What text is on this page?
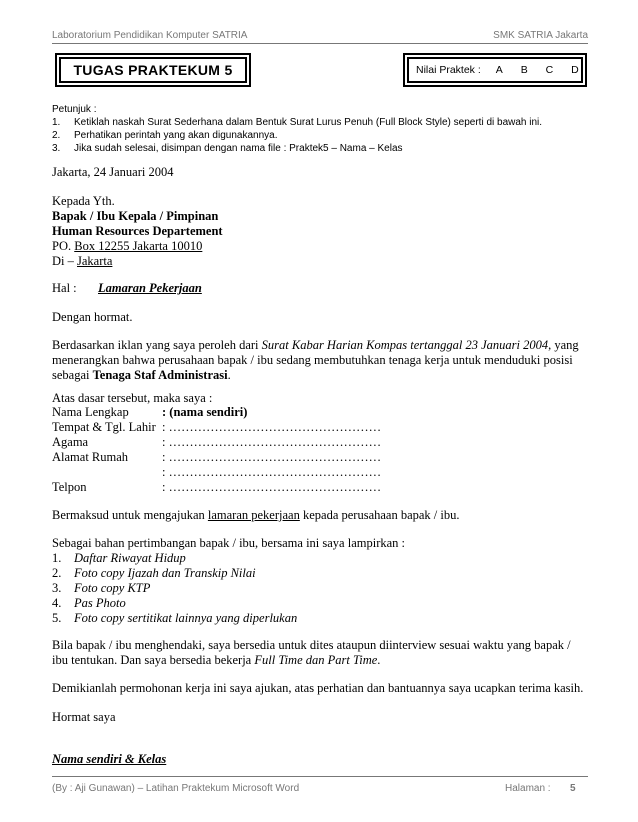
Laboratorium Pendidikan Komputer SATRIA	SMK SATRIA Jakarta
TUGAS PRAKTEKUM 5	Nilai Praktek :	A B C D
Petunjuk :
1. Ketiklah naskah Surat Sederhana dalam Bentuk Surat Lurus Penuh (Full Block Style) seperti di bawah ini.
2. Perhatikan perintah yang akan digunakannya.
3. Jika sudah selesai, disimpan dengan nama file : Praktek5 – Nama – Kelas
Jakarta, 24 Januari 2004
Kepada Yth.
Bapak / Ibu Kepala / Pimpinan
Human Resources Departement
PO. Box 12255 Jakarta 10010
Di – Jakarta
Hal : Lamaran Pekerjaan
Dengan hormat.
Berdasarkan iklan yang saya peroleh dari Surat Kabar Harian Kompas tertanggal 23 Januari 2004, yang
menerangkan bahwa perusahaan bapak / ibu sedang membutuhkan tenaga kerja untuk menduduki posisi
sebagai Tenaga Staf Administrasi.
Atas dasar tersebut, maka saya :
Nama Lengkap	: (nama sendiri)
Tempat & Tgl. Lahir : ……………………………………………
Agama	: ……………………………………………
Alamat Rumah	: ……………………………………………
: ……………………………………………
Telpon	: ……………………………………………
Bermaksud untuk mengajukan lamaran pekerjaan kepada perusahaan bapak / ibu.
Sebagai bahan pertimbangan bapak / ibu, bersama ini saya lampirkan :
1. Daftar Riwayat Hidup
2. Foto copy Ijazah dan Transkip Nilai
3. Foto copy KTP
4. Pas Photo
5. Foto copy sertitikat lainnya yang diperlukan
Bila bapak / ibu menghendaki, saya bersedia untuk dites ataupun diinterview sesuai waktu yang bapak /
ibu tentukan. Dan saya bersedia bekerja Full Time dan Part Time.
Demikianlah permohonan kerja ini saya ajukan, atas perhatian dan bantuannya saya ucapkan terima kasih.
Hormat saya
Nama sendiri & Kelas
(By : Aji Gunawan) – Latihan Praktekum Microsoft Word	Halaman : 5
